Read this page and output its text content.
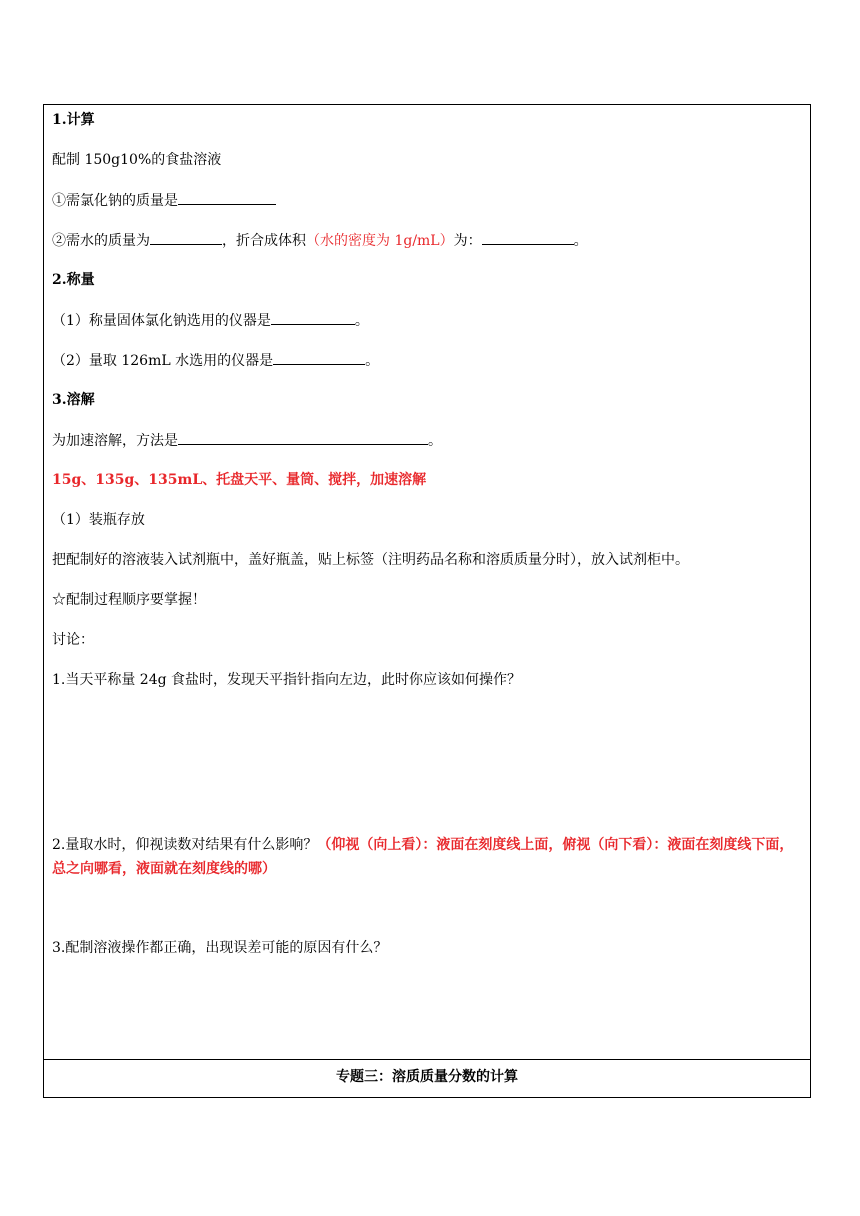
1.计算
配制 150g10%的食盐溶液
①需氯化钠的质量是
②需水的质量为	，折合成体积（水的密度为 1g/mL）为：	。
2.称量
（1）称量固体氯化钠选用的仪器是	。
（2）量取 126mL 水选用的仪器是	。
3.溶解
为加速溶解，方法是	。
15g、135g、135mL、托盘天平、量筒、搅拌，加速溶解
（1）装瓶存放
把配制好的溶液装入试剂瓶中，盖好瓶盖，贴上标签（注明药品名称和溶质质量分时），放入试剂柜中。
☆配制过程顺序要掌握！
讨论：
1.当天平称量 24g 食盐时，发现天平指针指向左边，此时你应该如何操作？
2.量取水时，仰视读数对结果有什么影响？（仰视（向上看）：液面在刻度线上面，俯视（向下看）：液面在刻度线下面，总之向哪看，液面就在刻度线的哪）
3.配制溶液操作都正确，出现误差可能的原因有什么？
专题三：溶质质量分数的计算
